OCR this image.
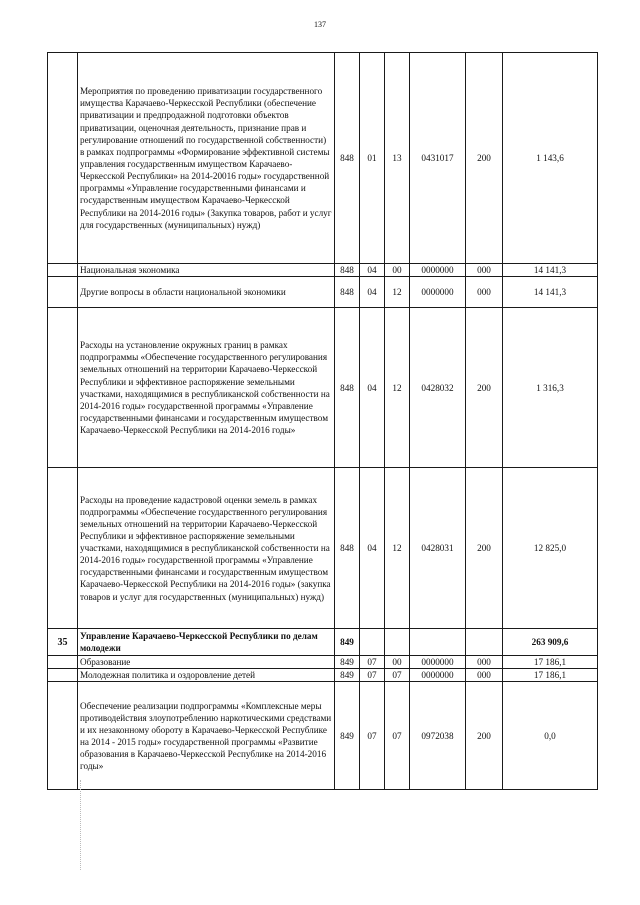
137
	Мероприятия по проведению приватизации государственного имущества Карачаево-Черкесской Республики (обеспечение приватизации и предпродажной подготовки объектов приватизации, оценочная деятельность, признание прав и регулирование отношений по государственной собственности) в рамках подпрограммы «Формирование эффективной системы управления государственным имуществом Карачаево-Черкесской Республики» на 2014-20016 годы» государственной программы «Управление государственными финансами и государственным имуществом Карачаево-Черкесской Республики на 2014-2016 годы» (Закупка товаров, работ и услуг для государственных (муниципальных) нужд)	848	01	13	0431017	200	1 143,6
	Национальная экономика	848	04	00	0000000	000	14 141,3
	Другие вопросы в области национальной экономики	848	04	12	0000000	000	14 141,3
	Расходы на установление окружных границ в рамках подпрограммы «Обеспечение государственного регулирования земельных отношений на территории Карачаево-Черкесской Республики и эффективное распоряжение земельными участками, находящимися в республиканской собственности на 2014-2016 годы» государственной программы «Управление государственными финансами и государственным имуществом Карачаево-Черкесской Республики на 2014-2016 годы»	848	04	12	0428032	200	1 316,3
	Расходы на проведение кадастровой оценки земель в рамках подпрограммы «Обеспечение государственного регулирования земельных отношений на территории Карачаево-Черкесской Республики и эффективное распоряжение земельными участками, находящимися в республиканской собственности на 2014-2016 годы» государственной программы «Управление государственными финансами и государственным имуществом Карачаево-Черкесской Республики на 2014-2016 годы» (закупка товаров и услуг для государственных (муниципальных) нужд)	848	04	12	0428031	200	12 825,0
35	Управление Карачаево-Черкесской Республики по делам молодежи	849					263 909,6
	Образование	849	07	00	0000000	000	17 186,1
	Молодежная политика и оздоровление детей	849	07	07	0000000	000	17 186,1
	Обеспечение реализации подпрограммы «Комплексные меры противодействия злоупотреблению наркотическими средствами и их незаконному обороту в Карачаево-Черкесской Республике на 2014 - 2015 годы» государственной программы «Развитие образования в Карачаево-Черкесской Республике на 2014-2016 годы»	849	07	07	0972038	200	0,0
